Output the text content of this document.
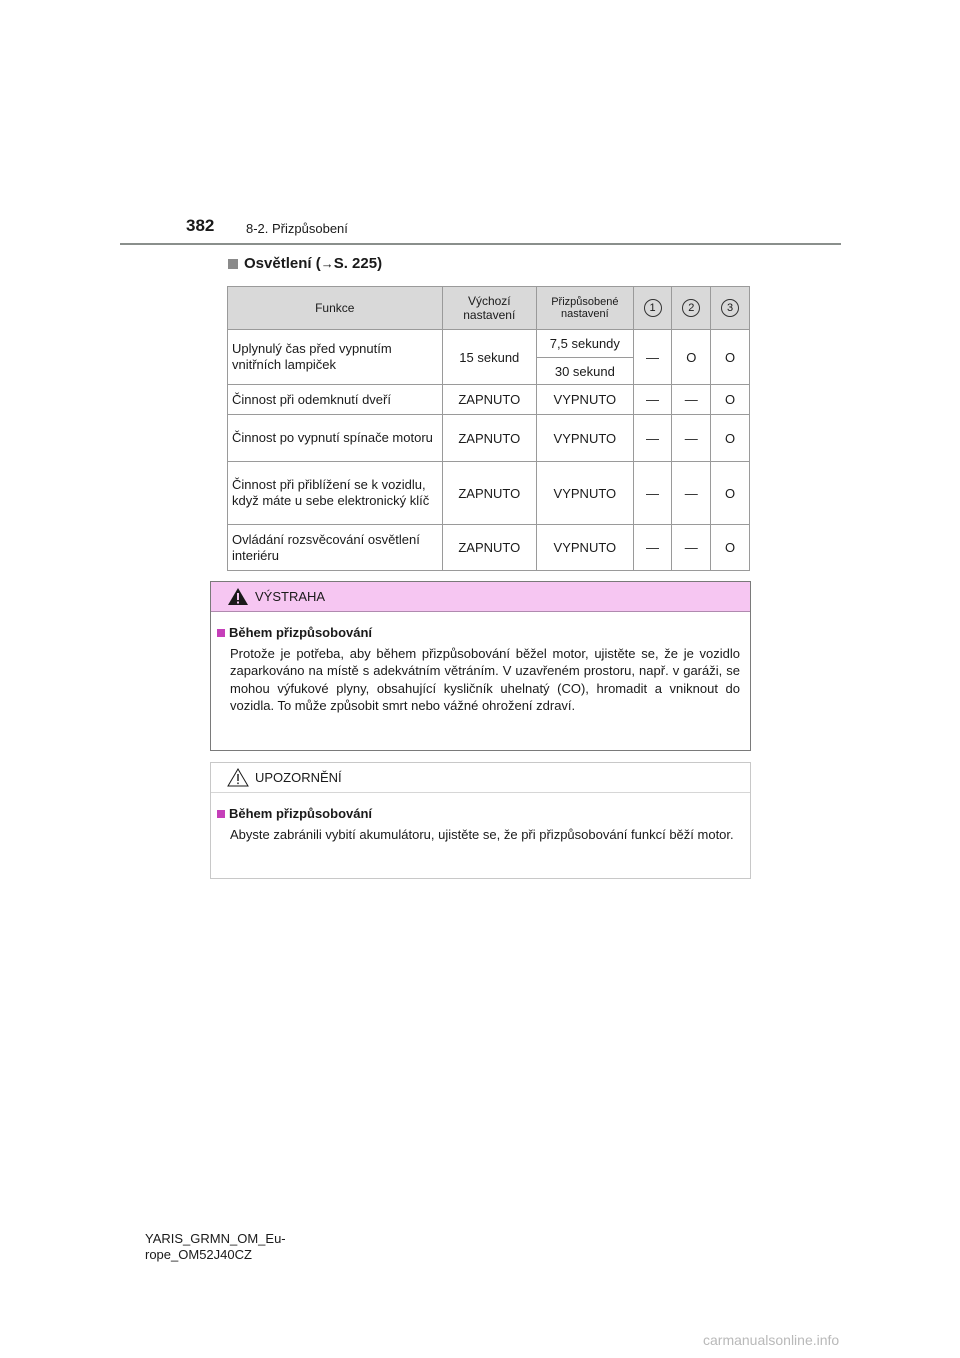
382 8-2. Přizpůsobení
Osvětlení (→S. 225)
Funkce	Výchozí nastavení	Přizpůsobené nastavení	1	2	3
Uplynulý čas před vypnutím vnitřních lampiček	15 sekund	7,5 sekundy	—	O	O
		30 sekund			
Činnost při odemknutí dveří	ZAPNUTO	VYPNUTO	—	—	O
Činnost po vypnutí spínače motoru	ZAPNUTO	VYPNUTO	—	—	O
Činnost při přiblížení se k vozidlu, když máte u sebe elektronický klíč	ZAPNUTO	VYPNUTO	—	—	O
Ovládání rozsvěcování osvětlení interiéru	ZAPNUTO	VYPNUTO	—	—	O
VÝSTRAHA
Během přizpůsobování
Protože je potřeba, aby během přizpůsobování běžel motor, ujistěte se, že je vozidlo zaparkováno na místě s adekvátním větráním. V uzavřeném prostoru, např. v garáži, se mohou výfukové plyny, obsahující kysličník uhelnatý (CO), hromadit a vniknout do vozidla. To může způsobit smrt nebo vážné ohrožení zdraví.
UPOZORNĚNÍ
Během přizpůsobování
Abyste zabránili vybití akumulátoru, ujistěte se, že při přizpůsobování funkcí běží motor.
YARIS_GRMN_OM_Eu-
rope_OM52J40CZ
carmanualsonline.info
